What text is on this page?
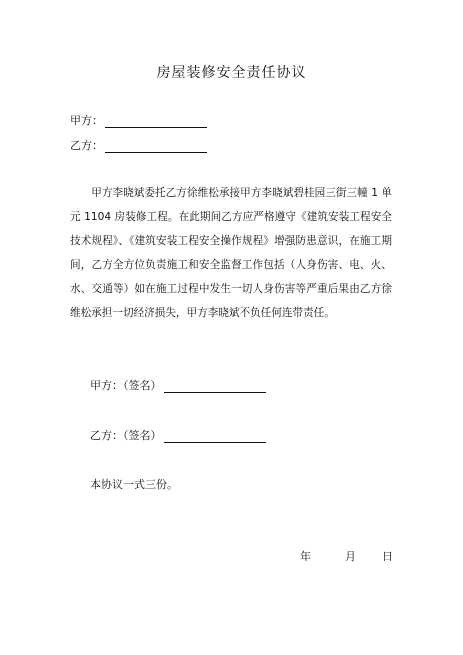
房屋装修安全责任协议
甲方：
乙方：

甲方李晓斌委托乙方徐维松承接甲方李晓斌碧桂园三街三幢 1 单元 1104 房装修工程。在此期间乙方应严格遵守《建筑安装工程安全技术规程》、《建筑安装工程安全操作规程》增强防患意识，在施工期间，乙方全方位负责施工和安全监督工作包括（人身伤害、电、火、水、交通等）如在施工过程中发生一切人身伤害等严重后果由乙方徐维松承担一切经济损失，甲方李晓斌不负任何连带责任。

甲方：（签名）
乙方：（签名）
本协议一式三份。
年	月 日
